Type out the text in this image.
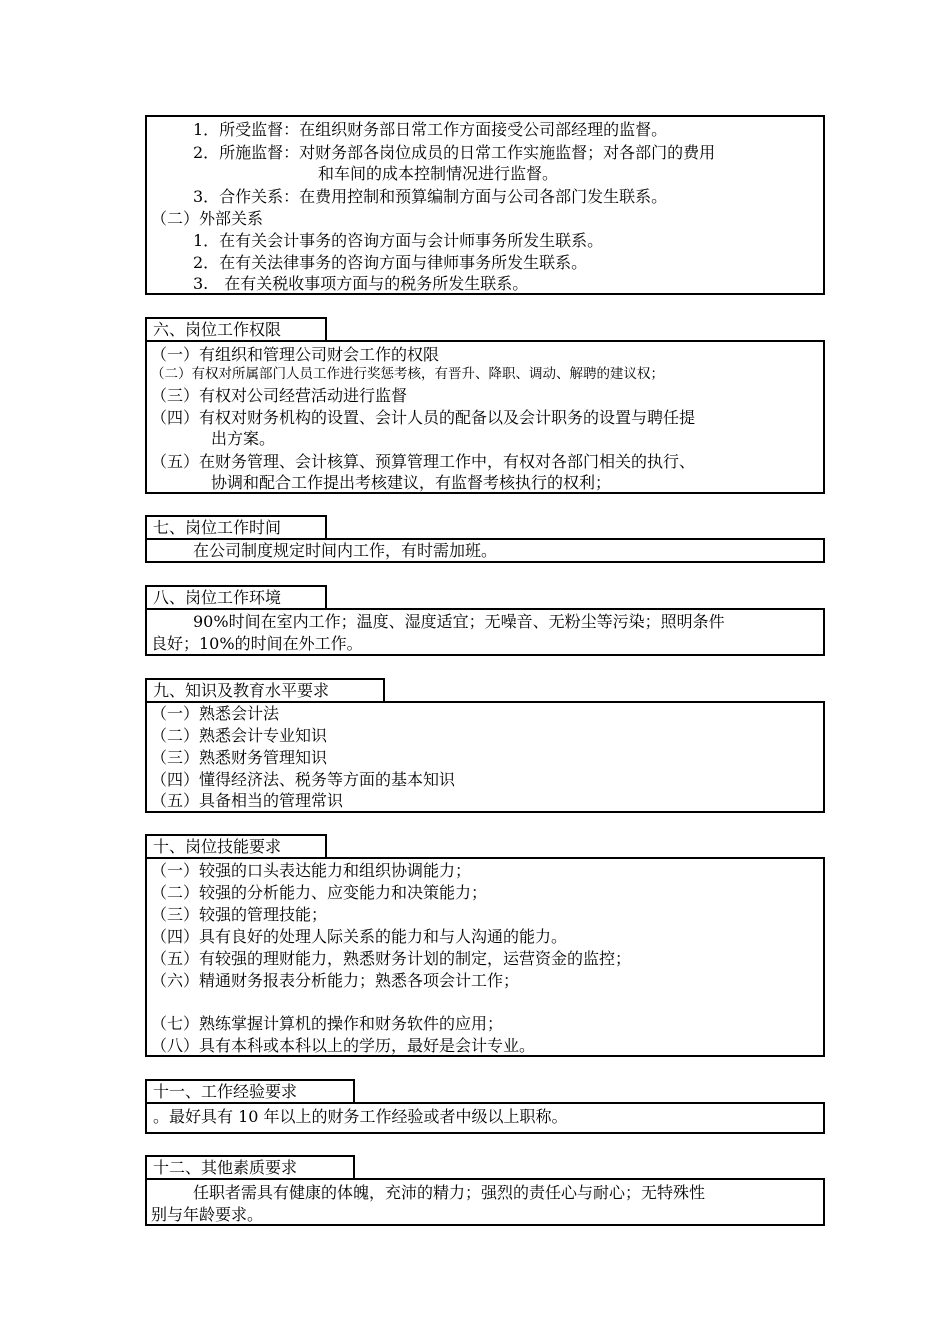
1．所受监督：在组织财务部日常工作方面接受公司部经理的监督。
2．所施监督：对财务部各岗位成员的日常工作实施监督；对各部门的费用
和车间的成本控制情况进行监督。
3．合作关系：在费用控制和预算编制方面与公司各部门发生联系。
（二）外部关系
1．在有关会计事务的咨询方面与会计师事务所发生联系。
2．在有关法律事务的咨询方面与律师事务所发生联系。
3.　在有关税收事项方面与的税务所发生联系。
六、岗位工作权限
（一）有组织和管理公司财会工作的权限
（二）有权对所属部门人员工作进行奖惩考核，有晋升、降职、调动、解聘的建议权；
（三）有权对公司经营活动进行监督
（四）有权对财务机构的设置、会计人员的配备以及会计职务的设置与聘任提
出方案。
（五）在财务管理、会计核算、预算管理工作中，有权对各部门相关的执行、
协调和配合工作提出考核建议，有监督考核执行的权利；
七、岗位工作时间
在公司制度规定时间内工作，有时需加班。
八、岗位工作环境
90%时间在室内工作；温度、湿度适宜；无噪音、无粉尘等污染；照明条件
良好；10%的时间在外工作。
九、知识及教育水平要求
（一）熟悉会计法
（二）熟悉会计专业知识
（三）熟悉财务管理知识
（四）懂得经济法、税务等方面的基本知识
（五）具备相当的管理常识
十、岗位技能要求
（一）较强的口头表达能力和组织协调能力；
（二）较强的分析能力、应变能力和决策能力；
（三）较强的管理技能；
（四）具有良好的处理人际关系的能力和与人沟通的能力。
（五）有较强的理财能力，熟悉财务计划的制定，运营资金的监控；
（六）精通财务报表分析能力；熟悉各项会计工作；
（七）熟练掌握计算机的操作和财务软件的应用；
（八）具有本科或本科以上的学历，最好是会计专业。
十一、工作经验要求
。最好具有 10 年以上的财务工作经验或者中级以上职称。
十二、其他素质要求
任职者需具有健康的体魄，充沛的精力；强烈的责任心与耐心；无特殊性
别与年龄要求。
